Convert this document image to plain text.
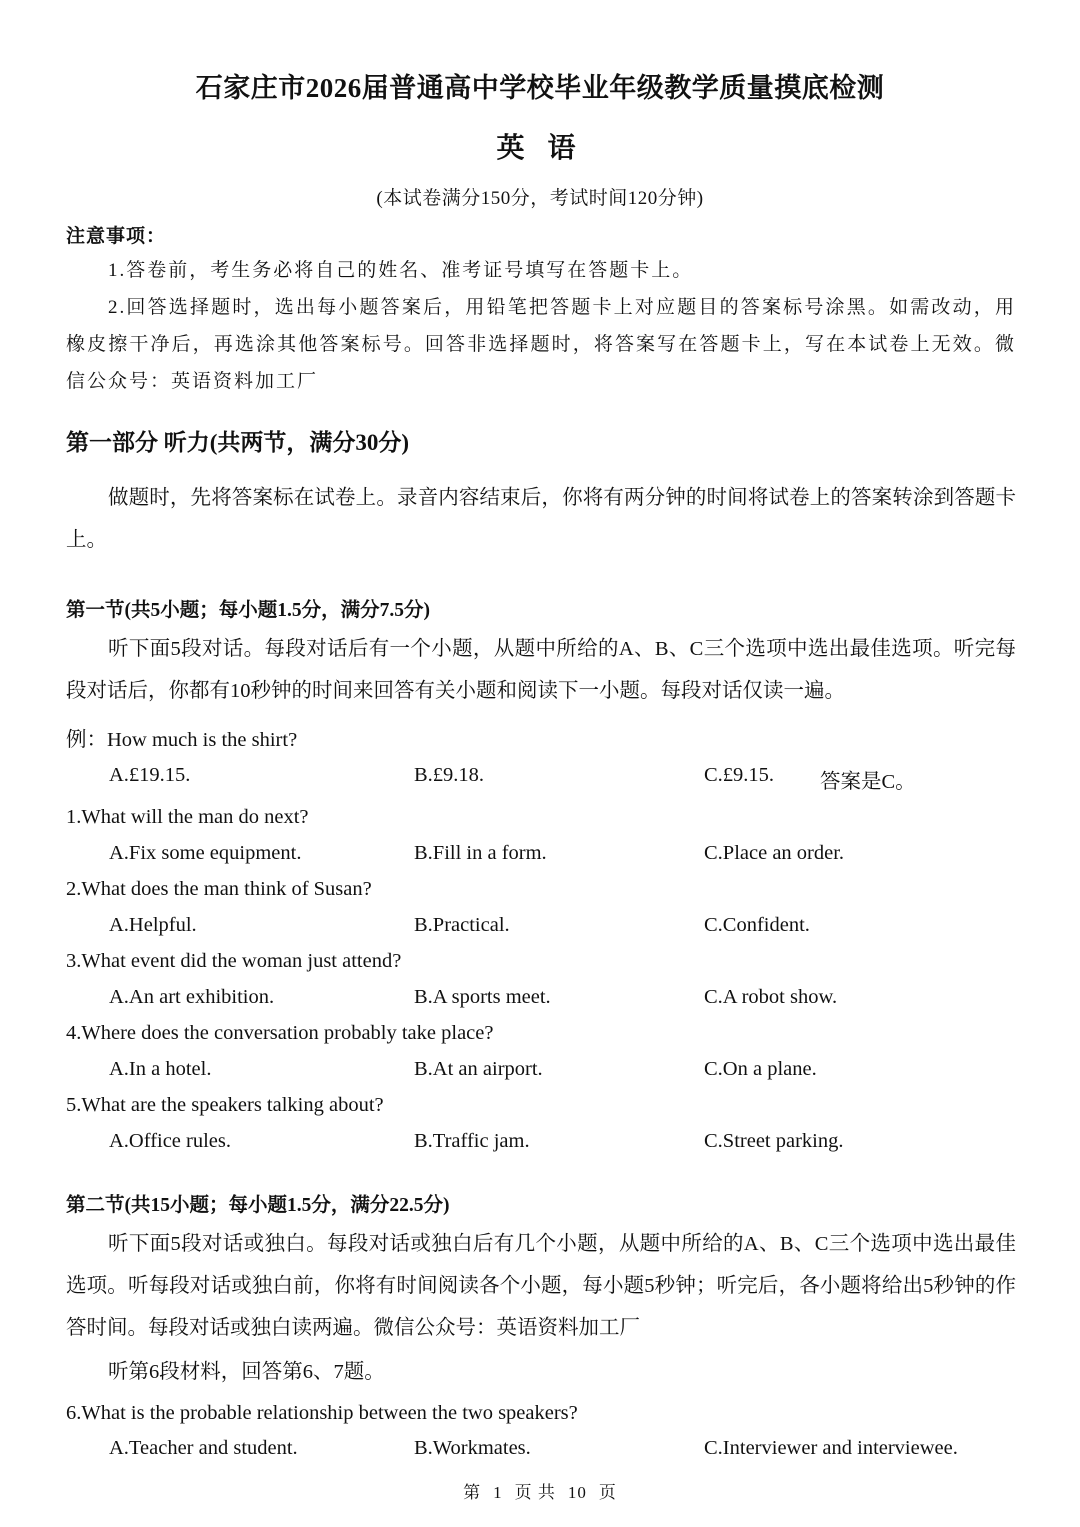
石家庄市2026届普通高中学校毕业年级教学质量摸底检测
英 语
(本试卷满分150分，考试时间120分钟)
注意事项：
1.答卷前，考生务必将自己的姓名、准考证号填写在答题卡上。
2.回答选择题时，选出每小题答案后，用铅笔把答题卡上对应题目的答案标号涂黑。如需改动，用橡皮擦干净后，再选涂其他答案标号。回答非选择题时，将答案写在答题卡上，写在本试卷上无效。微信公众号：英语资料加工厂
第一部分 听力(共两节，满分30分)
做题时，先将答案标在试卷上。录音内容结束后，你将有两分钟的时间将试卷上的答案转涂到答题卡上。
第一节(共5小题；每小题1.5分，满分7.5分)
听下面5段对话。每段对话后有一个小题，从题中所给的A、B、C三个选项中选出最佳选项。听完每段对话后，你都有10秒钟的时间来回答有关小题和阅读下一小题。每段对话仅读一遍。
例：How much is the shirt?
A.£19.15.	B.£9.18.	C.£9.15. 答案是C。
1.What will the man do next?
A.Fix some equipment.	B.Fill in a form.	C.Place an order.
2.What does the man think of Susan?
A.Helpful.	B.Practical.	C.Confident.
3.What event did the woman just attend?
A.An art exhibition.	B.A sports meet.	C.A robot show.
4.Where does the conversation probably take place?
A.In a hotel.	B.At an airport.	C.On a plane.
5.What are the speakers talking about?
A.Office rules.	B.Traffic jam.	C.Street parking.
第二节(共15小题；每小题1.5分，满分22.5分)
听下面5段对话或独白。每段对话或独白后有几个小题，从题中所给的A、B、C三个选项中选出最佳选项。听每段对话或独白前，你将有时间阅读各个小题，每小题5秒钟；听完后，各小题将给出5秒钟的作答时间。每段对话或独白读两遍。微信公众号：英语资料加工厂
听第6段材料，回答第6、7题。
6.What is the probable relationship between the two speakers?
A.Teacher and student.	B.Workmates.	C.Interviewer and interviewee.
第 1 页 共 10 页
